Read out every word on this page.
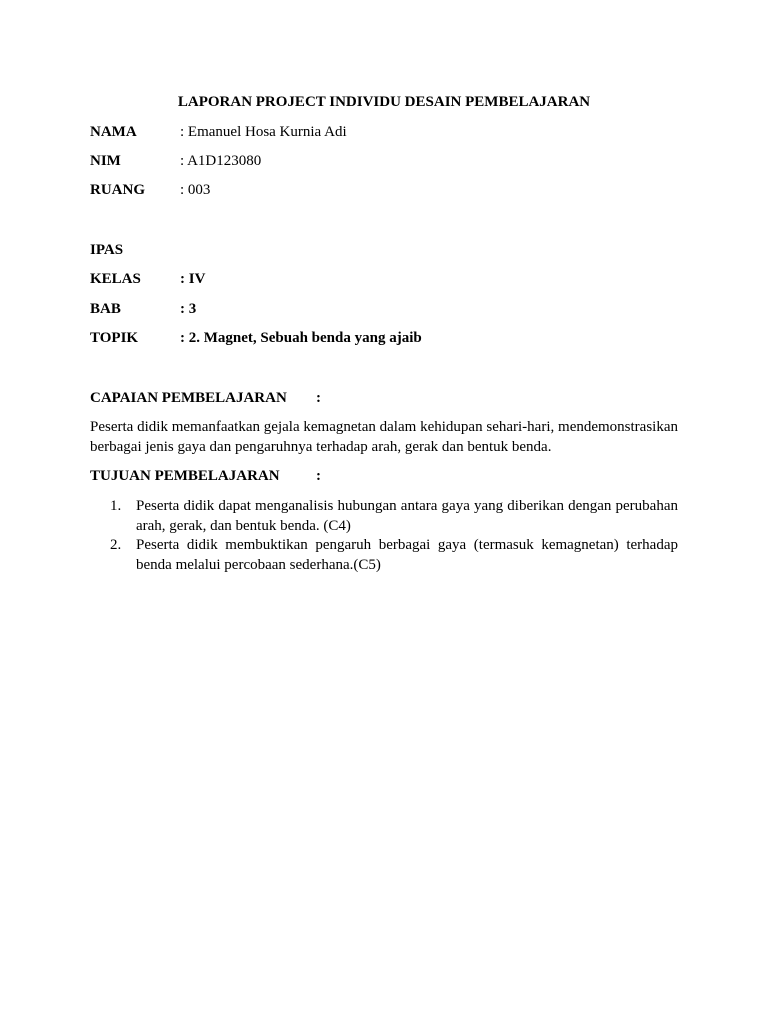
LAPORAN PROJECT INDIVIDU DESAIN PEMBELAJARAN
NAMA	: Emanuel Hosa Kurnia Adi
NIM	: A1D123080
RUANG : 003
IPAS
KELAS	: IV
BAB	: 3
TOPIK	: 2. Magnet, Sebuah benda yang ajaib
CAPAIAN PEMBELAJARAN :
Peserta didik memanfaatkan gejala kemagnetan dalam kehidupan sehari-hari, mendemonstrasikan berbagai jenis gaya dan pengaruhnya terhadap arah, gerak dan bentuk benda.
TUJUAN PEMBELAJARAN :
1. Peserta didik dapat menganalisis hubungan antara gaya yang diberikan dengan perubahan arah, gerak, dan bentuk benda. (C4)
2. Peserta didik membuktikan pengaruh berbagai gaya (termasuk kemagnetan) terhadap benda melalui percobaan sederhana.(C5)
